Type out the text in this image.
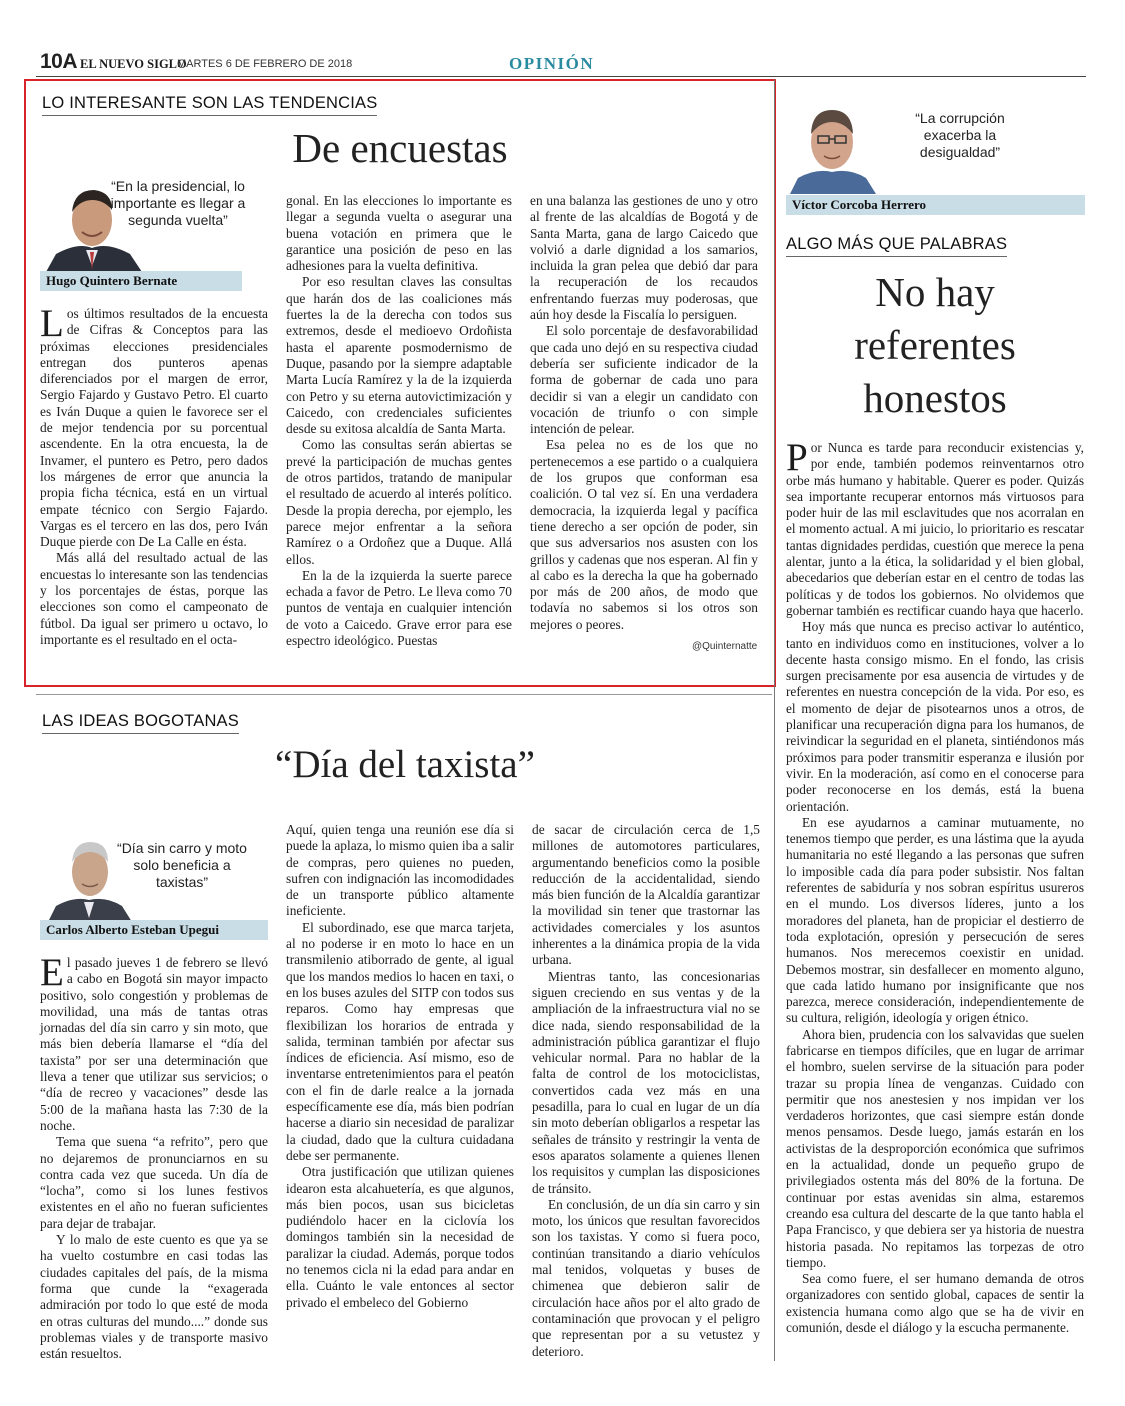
10A EL NUEVO SIGLO
MARTES 6 DE FEBRERO DE 2018	OPINIÓN
LO INTERESANTE SON LAS TENDENCIAS
De encuestas
“En la presidencial, lo importante es llegar a segunda vuelta”
Hugo Quintero Bernate

Los últimos resultados de la encuesta de Cifras & Conceptos para las próximas elecciones presidenciales entregan dos punteros apenas diferenciados por el margen de error, Sergio Fajardo y Gustavo Petro. El cuarto es Iván Duque a quien le favorece ser el de mejor tendencia por su porcentual ascendente. En la otra encuesta, la de Invamer, el puntero es Petro, pero dados los márgenes de error que anuncia la propia ficha técnica, está en un virtual empate técnico con Sergio Fajardo. Vargas es el tercero en las dos, pero Iván Duque pierde con De La Calle en ésta.

Más allá del resultado actual de las encuestas lo interesante son las tendencias y los porcentajes de éstas, porque las elecciones son como el campeonato de fútbol. Da igual ser primero u octavo, lo importante es el resultado en el octa-

gonal. En las elecciones lo importante es llegar a segunda vuelta o asegurar una buena votación en primera que le garantice una posición de peso en las adhesiones para la vuelta definitiva.

Por eso resultan claves las consultas que harán dos de las coaliciones más fuertes la de la derecha con todos sus extremos, desde el medioevo Ordoñista hasta el aparente posmodernismo de Duque, pasando por la siempre adaptable Marta Lucía Ramírez y la de la izquierda con Petro y su eterna autovictimización y Caicedo, con credenciales suficientes desde su exitosa alcaldía de Santa Marta.

Como las consultas serán abiertas se prevé la participación de muchas gentes de otros partidos, tratando de manipular el resultado de acuerdo al interés político. Desde la propia derecha, por ejemplo, les parece mejor enfrentar a la señora Ramírez o a Ordoñez que a Duque. Allá ellos.

En la de la izquierda la suerte parece echada a favor de Petro. Le lleva como 70 puntos de ventaja en cualquier intención de voto a Caicedo. Grave error para ese espectro ideológico. Puestas

en una balanza las gestiones de uno y otro al frente de las alcaldías de Bogotá y de Santa Marta, gana de largo Caicedo que volvió a darle dignidad a los samarios, incluida la gran pelea que debió dar para la recuperación de los recaudos enfrentando fuerzas muy poderosas, que aún hoy desde la Fiscalía lo persiguen.

El solo porcentaje de desfavorabilidad que cada uno dejó en su respectiva ciudad debería ser suficiente indicador de la forma de gobernar de cada uno para decidir si van a elegir un candidato con vocación de triunfo o con simple intención de pelear.

Esa pelea no es de los que no pertenecemos a ese partido o a cualquiera de los grupos que conforman esa coalición. O tal vez sí. En una verdadera democracia, la izquierda legal y pacífica tiene derecho a ser opción de poder, sin que sus adversarios nos asusten con los grillos y cadenas que nos esperan. Al fin y al cabo es la derecha la que ha gobernado por más de 200 años, de modo que todavía no sabemos si los otros son mejores o peores.

@Quinternatte
LAS IDEAS BOGOTANAS
“Día del taxista”
“Día sin carro y moto solo beneficia a taxistas”
Carlos Alberto Esteban Upegui

El pasado jueves 1 de febrero se llevó a cabo en Bogotá sin mayor impacto positivo, solo congestión y problemas de movilidad, una más de tantas otras jornadas del día sin carro y sin moto, que más bien debería llamarse el “día del taxista” por ser una determinación que lleva a tener que utilizar sus servicios; o “día de recreo y vacaciones” desde las 5:00 de la mañana hasta las 7:30 de la noche.

Tema que suena “a refrito”, pero que no dejaremos de pronunciarnos en su contra cada vez que suceda. Un día de “locha”, como si los lunes festivos existentes en el año no fueran suficientes para dejar de trabajar.

Y lo malo de este cuento es que ya se ha vuelto costumbre en casi todas las ciudades capitales del país, de la misma forma que cunde la “exagerada admiración por todo lo que esté de moda en otras culturas del mundo....” donde sus problemas viales y de transporte masivo están resueltos.

Aquí, quien tenga una reunión ese día si puede la aplaza, lo mismo quien iba a salir de compras, pero quienes no pueden, sufren con indignación las incomodidades de un transporte público altamente ineficiente.

El subordinado, ese que marca tarjeta, al no poderse ir en moto lo hace en un transmilenio atiborrado de gente, al igual que los mandos medios lo hacen en taxi, o en los buses azules del SITP con todos sus reparos. Como hay empresas que flexibilizan los horarios de entrada y salida, terminan también por afectar sus índices de eficiencia. Así mismo, eso de inventarse entretenimientos para el peatón con el fin de darle realce a la jornada específicamente ese día, más bien podrían hacerse a diario sin necesidad de paralizar la ciudad, dado que la cultura cuidadana debe ser permanente.

Otra justificación que utilizan quienes idearon esta alcahuetería, es que algunos, más bien pocos, usan sus bicicletas pudiéndolo hacer en la ciclovía los domingos también sin la necesidad de paralizar la ciudad. Además, porque todos no tenemos cicla ni la edad para andar en ella. Cuánto le vale entonces al sector privado el embeleco del Gobierno

de sacar de circulación cerca de 1,5 millones de automotores particulares, argumentando beneficios como la posible reducción de la accidentalidad, siendo más bien función de la Alcaldía garantizar la movilidad sin tener que trastornar las actividades comerciales y los asuntos inherentes a la dinámica propia de la vida urbana.

Mientras tanto, las concesionarias siguen creciendo en sus ventas y de la ampliación de la infraestructura vial no se dice nada, siendo responsabilidad de la administración pública garantizar el flujo vehicular normal. Para no hablar de la falta de control de los motociclistas, convertidos cada vez más en una pesadilla, para lo cual en lugar de un día sin moto deberían obligarlos a respetar las señales de tránsito y restringir la venta de esos aparatos solamente a quienes llenen los requisitos y cumplan las disposiciones de tránsito.

En conclusión, de un día sin carro y sin moto, los únicos que resultan favorecidos son los taxistas. Y como si fuera poco, continúan transitando a diario vehículos mal tenidos, volquetas y buses de chimenea que debieron salir de circulación hace años por el alto grado de contaminación que provocan y el peligro que representan por a su vetustez y deterioro.

“La corrupción exacerba la desigualdad”
Víctor Corcoba Herrero
ALGO MÁS QUE PALABRAS
No hay
referentes
honestos

Por Nunca es tarde para reconducir existencias y, por ende, también podemos reinventarnos otro orbe más humano y habitable. Querer es poder. Quizás sea importante recuperar entornos más virtuosos para poder huir de las mil esclavitudes que nos acorralan en el momento actual. A mi juicio, lo prioritario es rescatar tantas dignidades perdidas, cuestión que merece la pena alentar, junto a la ética, la solidaridad y el bien global, abecedarios que deberían estar en el centro de todas las políticas y de todos los gobiernos. No olvidemos que gobernar también es rectificar cuando haya que hacerlo.

Hoy más que nunca es preciso activar lo auténtico, tanto en individuos como en instituciones, volver a lo decente hasta consigo mismo. En el fondo, las crisis surgen precisamente por esa ausencia de virtudes y de referentes en nuestra concepción de la vida. Por eso, es el momento de dejar de pisotearnos unos a otros, de planificar una recuperación digna para los humanos, de reivindicar la seguridad en el planeta, sintiéndonos más próximos para poder transmitir esperanza e ilusión por vivir. En la moderación, así como en el conocerse para poder reconocerse en los demás, está la buena orientación.

En ese ayudarnos a caminar mutuamente, no tenemos tiempo que perder, es una lástima que la ayuda humanitaria no esté llegando a las personas que sufren lo imposible cada día para poder subsistir. Nos faltan referentes de sabiduría y nos sobran espíritus usureros en el mundo. Los diversos líderes, junto a los moradores del planeta, han de propiciar el destierro de toda explotación, opresión y persecución de seres humanos. Nos merecemos coexistir en unidad. Debemos mostrar, sin desfallecer en momento alguno, que cada latido humano por insignificante que nos parezca, merece consideración, independientemente de su cultura, religión, ideología y origen étnico.

Ahora bien, prudencia con los salvavidas que suelen fabricarse en tiempos difíciles, que en lugar de arrimar el hombro, suelen servirse de la situación para poder trazar su propia línea de venganzas. Cuidado con permitir que nos anestesien y nos impidan ver los verdaderos horizontes, que casi siempre están donde menos pensamos. Desde luego, jamás estarán en los activistas de la desproporción económica que sufrimos en la actualidad, donde un pequeño grupo de privilegiados ostenta más del 80% de la fortuna. De continuar por estas avenidas sin alma, estaremos creando esa cultura del descarte de la que tanto habla el Papa Francisco, y que debiera ser ya historia de nuestra historia pasada. No repitamos las torpezas de otro tiempo.

Sea como fuere, el ser humano demanda de otros organizadores con sentido global, capaces de sentir la existencia humana como algo que se ha de vivir en comunión, desde el diálogo y la escucha permanente.
